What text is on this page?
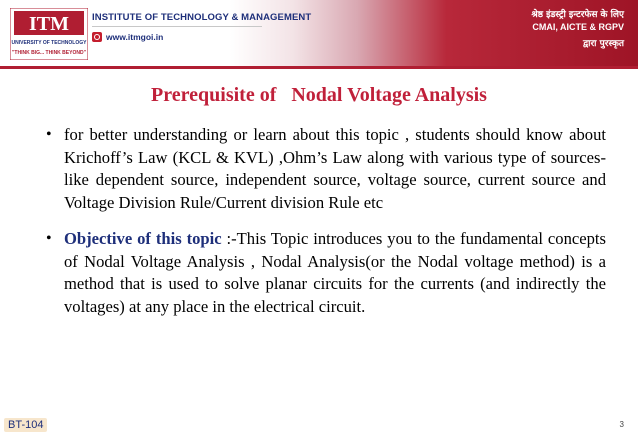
ITM
UNIVERSITY OF TECHNOLOGY
"THINK BIG... THINK BEYOND"
INSTITUTE OF TECHNOLOGY & MANAGEMENT
www.itmgoi.in
श्रेष्ठ इंडस्ट्री इन्टरफेस के लिए
CMAI, AICTE & RGPV
द्वारा पुरस्कृत
Prerequisite of   Nodal Voltage Analysis
• for better understanding or learn about this topic , students should know about Krichoff’s Law (KCL & KVL) ,Ohm’s Law along with various type of sources- like dependent source, independent source, voltage source, current source and Voltage Division Rule/Current division Rule etc
• Objective of this topic :-This Topic introduces you to the fundamental concepts of Nodal Voltage Analysis , Nodal Analysis(or the Nodal voltage method) is a method that is used to solve planar circuits for the currents (and indirectly the voltages) at any place in the electrical circuit.
BT-104	3
